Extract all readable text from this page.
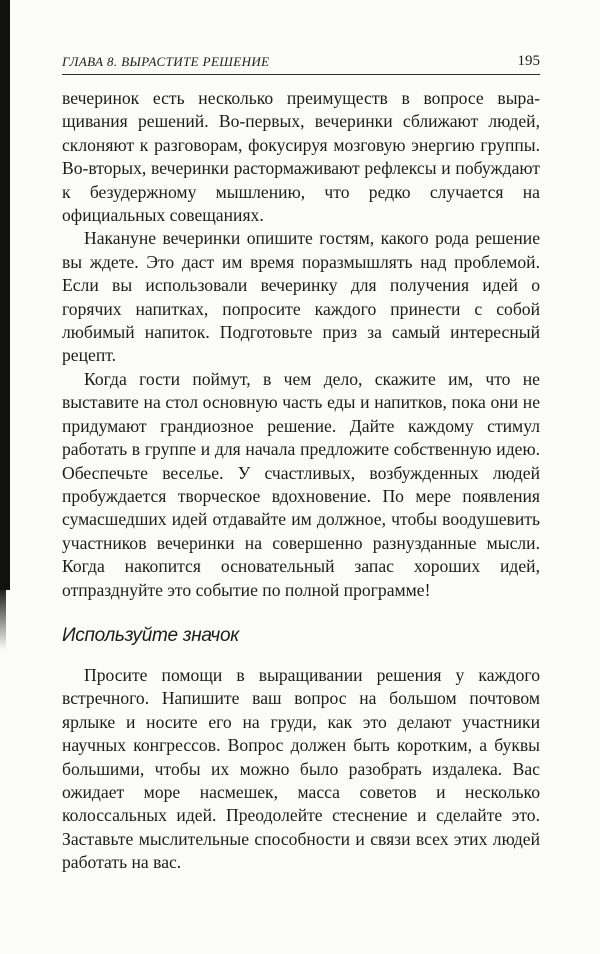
ГЛАВА 8. ВЫРАСТИТЕ РЕШЕНИЕ	195

вечеринок есть несколько преимуществ в вопросе выращивания решений. Во-первых, вечеринки сближают людей, склоняют к разговорам, фокусируя мозговую энергию группы. Во-вторых, вечеринки растормаживают рефлексы и побуждают к безудержному мышлению, что редко случается на официальных совещаниях.

Накануне вечеринки опишите гостям, какого рода решение вы ждете. Это даст им время поразмышлять над проблемой. Если вы использовали вечеринку для получения идей о горячих напитках, попросите каждого принести с собой любимый напиток. Подготовьте приз за самый интересный рецепт.

Когда гости поймут, в чем дело, скажите им, что не выставите на стол основную часть еды и напитков, пока они не придумают грандиозное решение. Дайте каждому стимул работать в группе и для начала предложите собственную идею. Обеспечьте веселье. У счастливых, возбужденных людей пробуждается творческое вдохновение. По мере появления сумасшедших идей отдавайте им должное, чтобы воодушевить участников вечеринки на совершенно разнузданные мысли. Когда накопится основательный запас хороших идей, отпразднуйте это событие по полной программе!

Используйте значок

Просите помощи в выращивании решения у каждого встречного. Напишите ваш вопрос на большом почтовом ярлыке и носите его на груди, как это делают участники научных конгрессов. Вопрос должен быть коротким, а буквы большими, чтобы их можно было разобрать издалека. Вас ожидает море насмешек, масса советов и несколько колоссальных идей. Преодолейте стеснение и сделайте это. Заставьте мыслительные способности и связи всех этих людей работать на вас.
